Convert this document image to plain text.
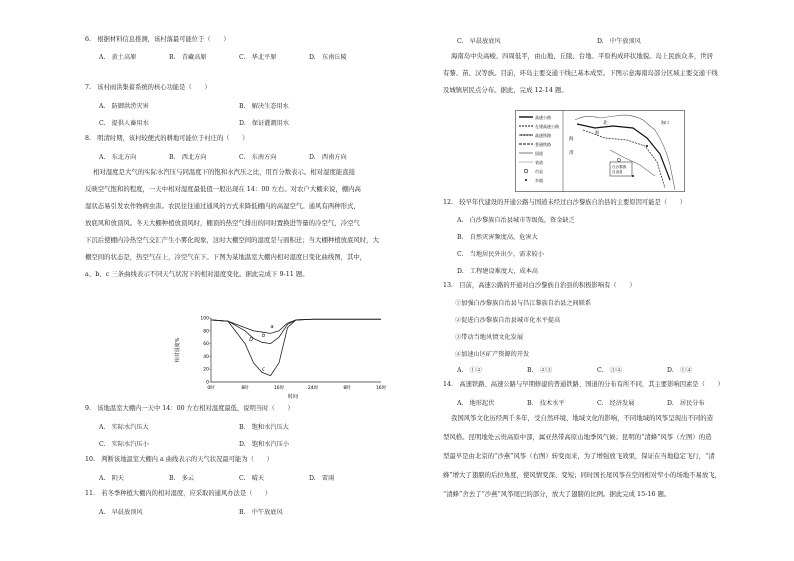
6.　根据材料信息推测，该村落最可能位于（　　）
A.　黄土高原	B.　青藏高原	C.　华北平原	D.　东南丘陵
7.　该村雨洪集蓄系统的核心功能是（　　）
A.　防御洪涝灾害	B.　解决生态用水
C.　提供人畜用水	D.　保证灌溉用水
8.　明清时期，该村较便式的耕地可能位于村庄的（　　）
A.　东北方向	B.　西北方向	C.　东南方向	D.　西南方向
相对湿度是大气的实际水汽压与同温度下的饱和水汽压之比，用百分数表示。相对湿度能直接
反映空气饱和的程度，一天中相对湿度最低值一般出现在 14：00 左右。对农户大棚来说，棚内高
湿状态易引发农作物病虫害。农民往往通过通风的方式来降低棚内的高湿空气。通风有两种形式，
放底风和放顶风。冬天大棚种植放顶风时，棚顶的热空气排出的同时置换进等量的冷空气，冷空气
下沉后使棚内冷热空气交汇产生小雾化现象，这时大棚空间的湿度是与面积迁；当大棚种植放底风时，大
棚空间的状态是，热空气在上，冷空气在下。下图为某地温室大棚内相对湿度日变化曲线图，其中，
a、b、c 三条曲线表示不同天气状况下的相对湿度变化。据此完成下 9-11 题。
相对湿度%
100
80
60
40
20
0
0时	8时	16时	24时	8时	16时
a
b
c
D
时间
9.　该地温室大棚内一天中 14：00 左右相对湿度最低，说明当时（　　）
A.　实际水汽压大	B.　饱和水汽压大
C.　实际水汽压小	D.　饱和水汽压小
10.　判断该地温室大棚内 a 曲线表示的天气状况最可能为（　　）
A.　阴天	B.　多云	C.　晴天	D.　雷雨
11.　若冬季种植大棚内的相对湿度，应采取的通风办法是（　　）
A.　早晨放顶风	B.　中午放底风
C.　早晨放底风	D.　中午放顶风
海南岛中央高峻、四周低平，由山地、丘陵、台地、平原构成环状地貌。岛上民族众多，世居
有黎、苗、汉等族。目前，环岛主要交通干线已基本成型。下图示意海南岛部分区域主要交通干线
及城镇居民点分布。据此，完成 12-14 题。
高速公路
在建高速公路
高速铁路
普通铁路
国道
省道
市县
乡镇
北
海
湾
那
海口
白沙黎族
自治县
12.　较早年代建设的开通公路与国道未经过白沙黎族自治县的主要原因可能是（　　）
A.　白沙黎族自治县城市等级低，资金缺乏
B.　自然灾害频度高，危害大
C.　当地居民外出少，需求较小
D.　工程建设难度大，成本高
13.　目前，高速公路的开通对白沙黎族自治县的积极影响有（　　）
①加强白沙黎族自治县与昌江黎族自治县之间联系
②促进白沙黎族自治县城市化水平提高
③带动当地风情文化发展
④加速山区矿产资源的开发
A.　①②	B.　②③	C.　③④	D.　①④
14.　高速铁路、高速公路与早期修建的普通铁路、国道的分布有所不同，其主要影响因素是（　　）
A.　地形起伏	B.　技术水平	C.　经济发展	D.　居民分布
我国风筝文化历经两千多年，受自然环境、地域文化的影响，不同地域的风筝呈现出不同的造
型风格。昆明地处云贵高原中部，属亚热带高原山地季风气候；昆明的“清蜂”风筝（左图）的造
型最早是由北京的“沙燕”风筝（右图）转变而来，为了增强放飞效果，保证在当地稳定飞行，“清
蜂”增大了翅膀的后拉角度，使风情变深、变短；同时国长尾风筝在空间相对窄小的场地不易放飞，
“清蜂”舍去了“沙燕”风筝尾巴的部分，放大了翅膀的比例。据此完成 15-16 题。
